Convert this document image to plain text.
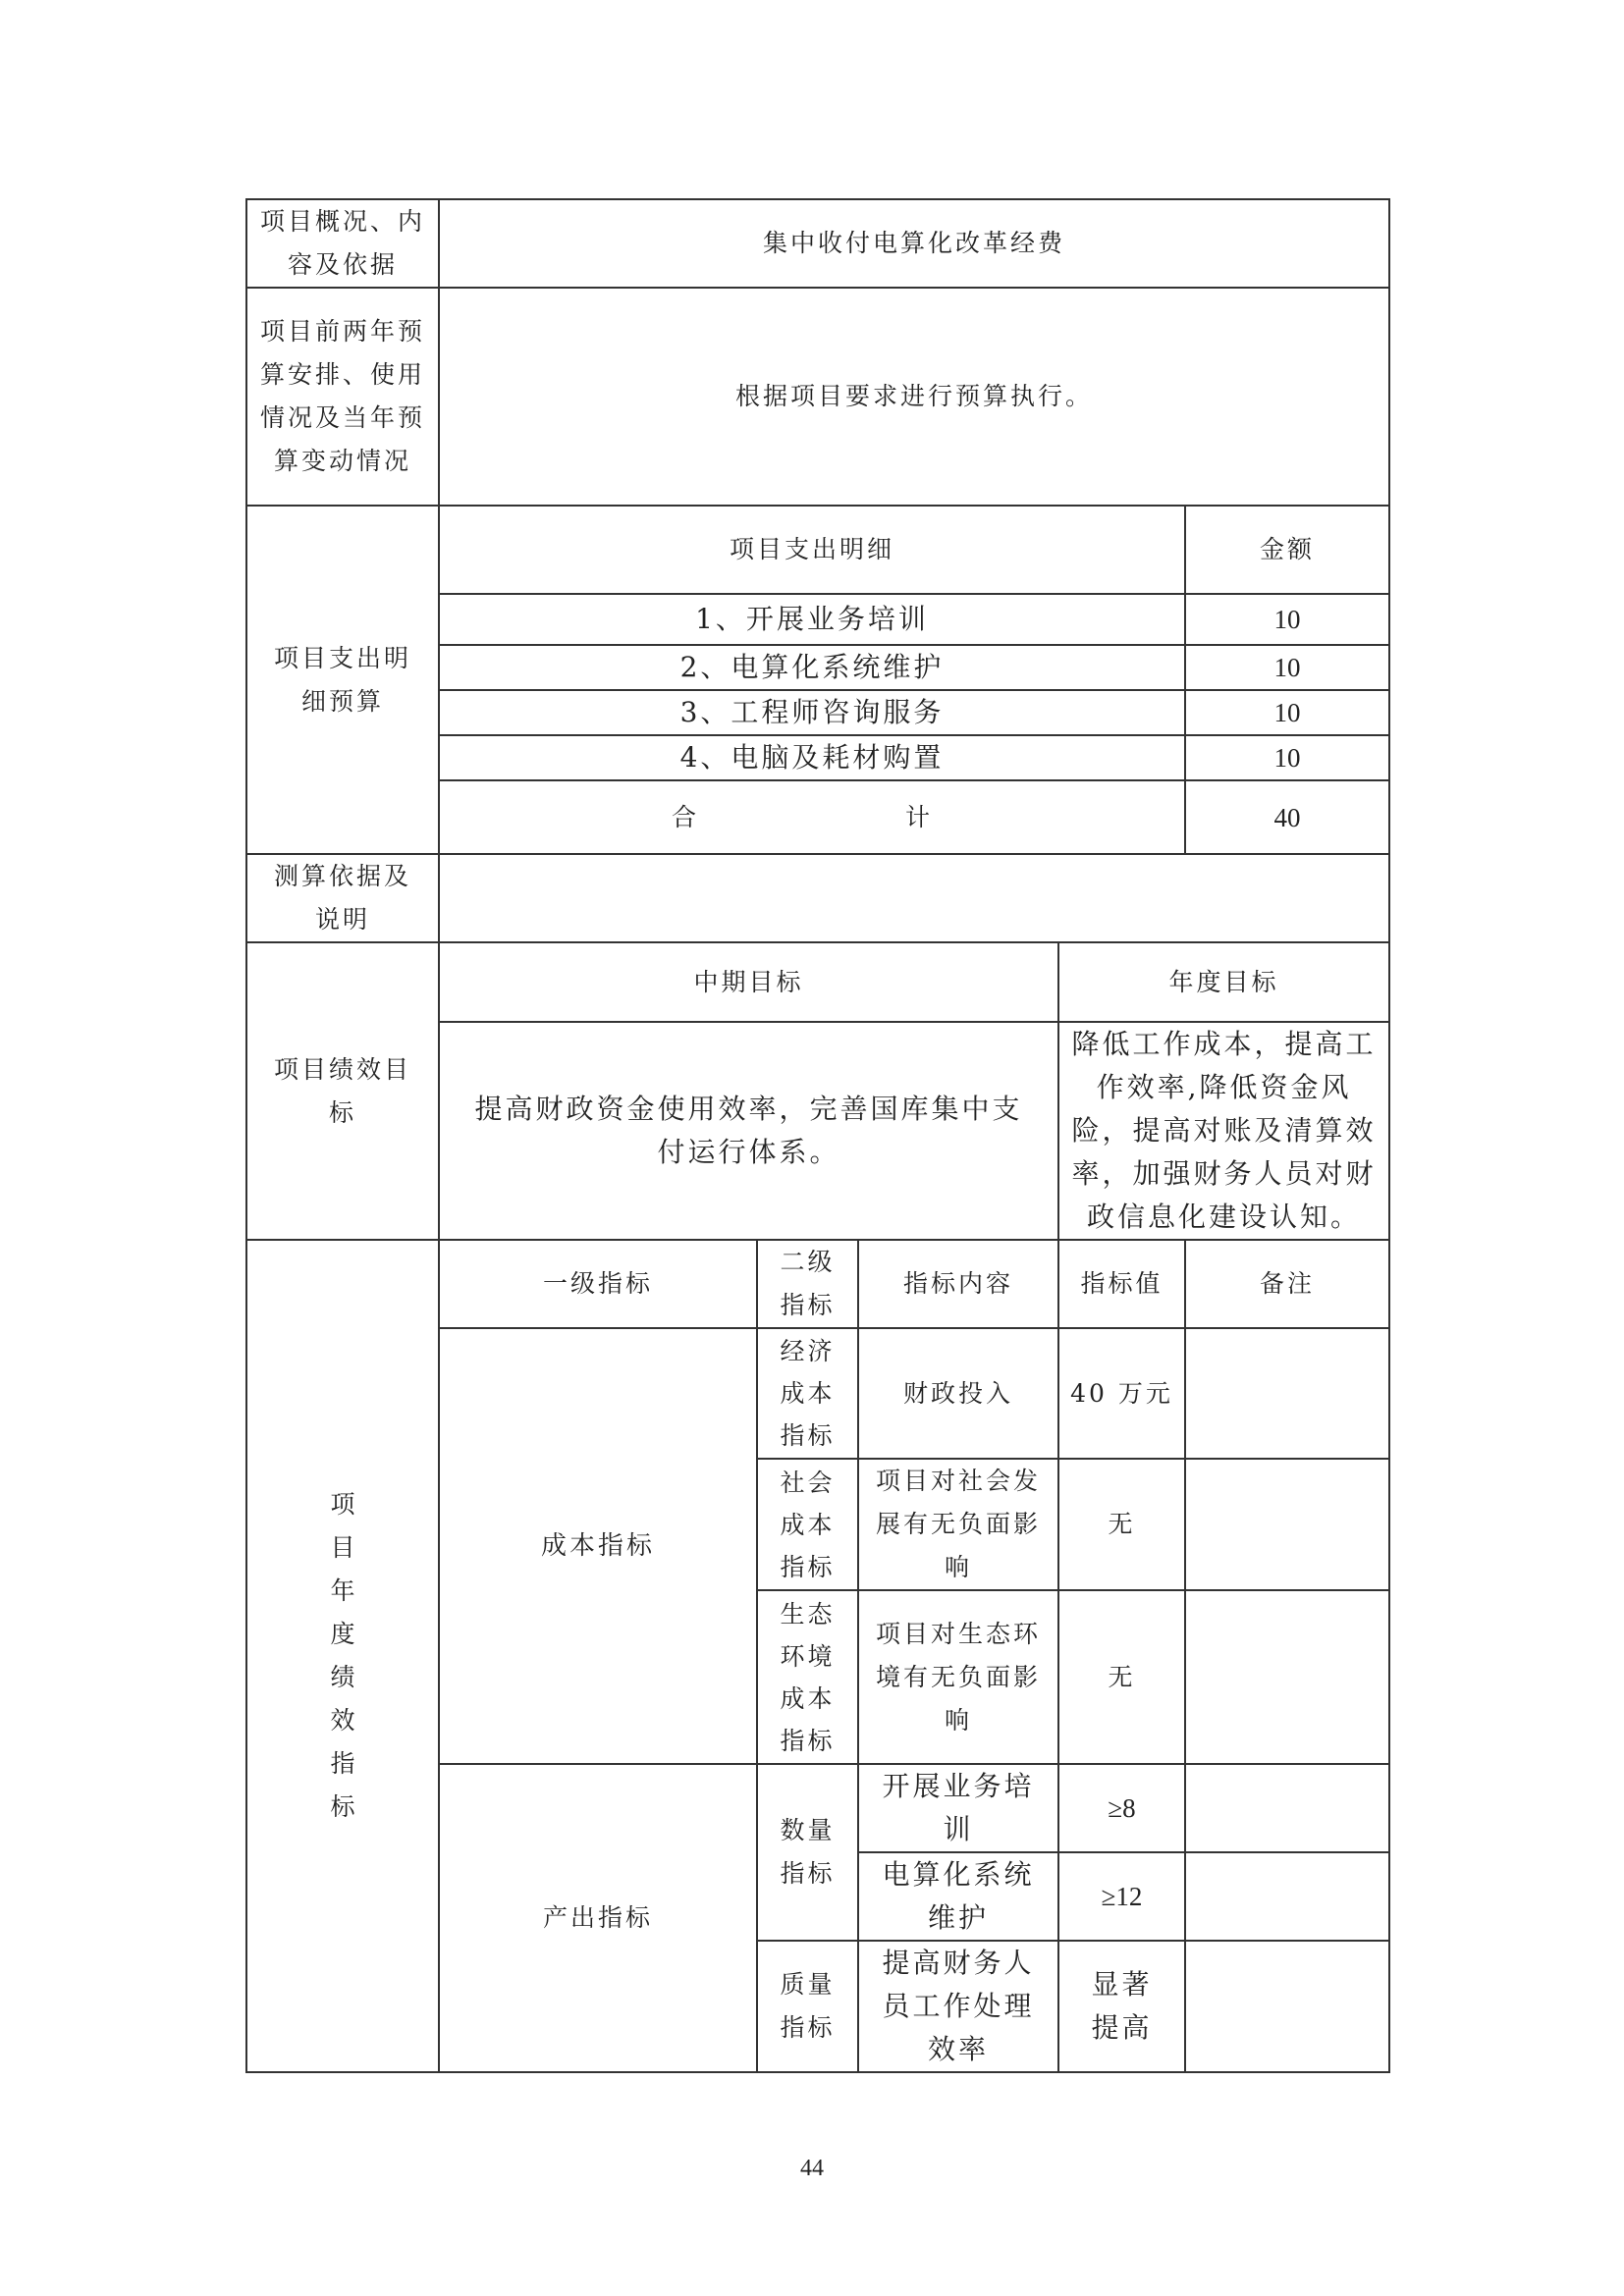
项目概况、内容及依据	集中收付电算化改革经费				

项目前两年预算安排、使用情况及当年预算变动情况	根据项目要求进行预算执行。				

项目支出明细预算	项目支出明细				金额
	1、开展业务培训				10
	2、电算化系统维护				10
	3、工程师咨询服务				10
	4、电脑及耗材购置				10

	合 计				40

测算依据及说明					

项目绩效目标	中期目标			年度目标	

	提高财政资金使用效率，完善国库集中支付运行体系。			降低工作成本，提高工作效率,降低资金风险，提高对账及清算效率，加强财务人员对财政信息化建设认知。	

项目年度绩效指标	一级指标	二级指标	指标内容	指标值	备注
	成本指标	经济成本指标	财政投入	40 万元	

		社会成本指标	项目对社会发展有无负面影响	无	

		生态环境成本指标	项目对生态环境有无负面影响	无	
	产出指标	数量指标	开展业务培训	≥8	

			电算化系统维护	≥12	

		质量指标	提高财务人员工作处理效率	显著提高	

44
